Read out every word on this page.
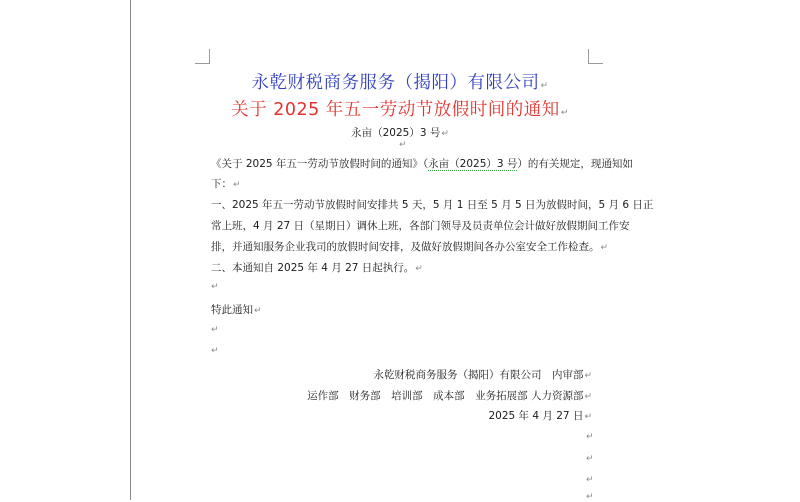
永乾财税商务服务（揭阳）有限公司↵
关于 2025 年五一劳动节放假时间的通知↵
永亩（2025）3 号↵
↵
《关于 2025 年五一劳动节放假时间的通知》（永亩（2025）3 号）的有关规定，现通知如
下：↵
一、2025 年五一劳动节放假时间安排共 5 天，5 月 1 日至 5 月 5 日为放假时间，5 月 6 日正
常上班，4 月 27 日（星期日）调休上班，各部门领导及员责单位会计做好放假期间工作安
排，并通知服务企业我司的放假时间安排，及做好放假期间各办公室安全工作检查。↵
二、本通知自 2025 年 4 月 27 日起执行。↵
↵
特此通知↵
↵
↵
永乾财税商务服务（揭阳）有限公司　内审部↵
运作部　财务部　培训部　成本部　业务拓展部 人力资源部↵
2025 年 4 月 27 日↵
↵
↵
↵
↵
